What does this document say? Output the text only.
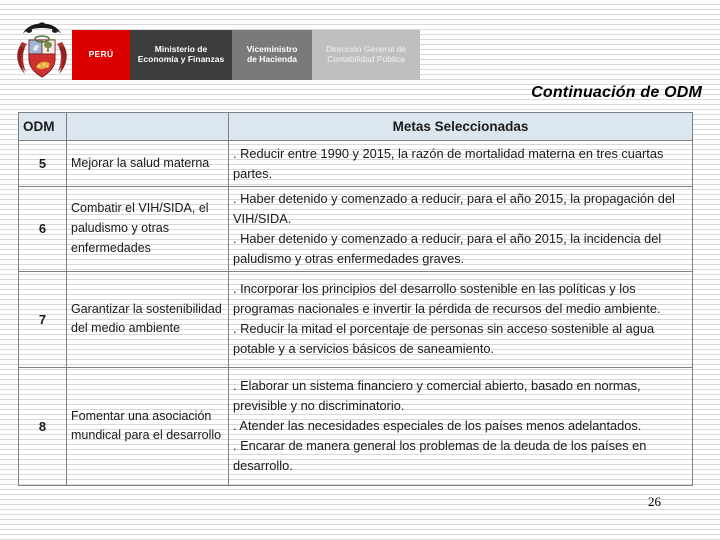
PERÚ	Ministerio de
Economía y Finanzas
Viceministro
de Hacienda
Dirección General de
Contabilidad Pública
Continuación de ODM
ODM		Metas Seleccionadas
5	Mejorar la salud materna	. Reducir entre 1990 y 2015, la razón de mortalidad materna en tres cuartas partes.

6	Combatir el VIH/SIDA, el paludismo y otras enfermedades	. Haber detenido y comenzado a reducir, para el año 2015, la propagación del VIH/SIDA.
. Haber detenido y comenzado a reducir, para el año 2015, la incidencia del paludismo y otras enfermedades graves.

7	Garantizar la sostenibilidad del medio ambiente	. Incorporar los principios del desarrollo sostenible en las políticas y los programas nacionales e invertir la pérdida de recursos del medio ambiente.
. Reducir la mitad el porcentaje de personas sin acceso sostenible al agua potable y a servicios básicos de saneamiento.

8	Fomentar una asociación mundical para el desarrollo	. Elaborar un sistema financiero y comercial abierto, basado en normas, previsible y no discriminatorio.
. Atender las necesidades especiales de los países menos adelantados.
. Encarar de manera general los problemas de la deuda de los países en desarrollo.
26
